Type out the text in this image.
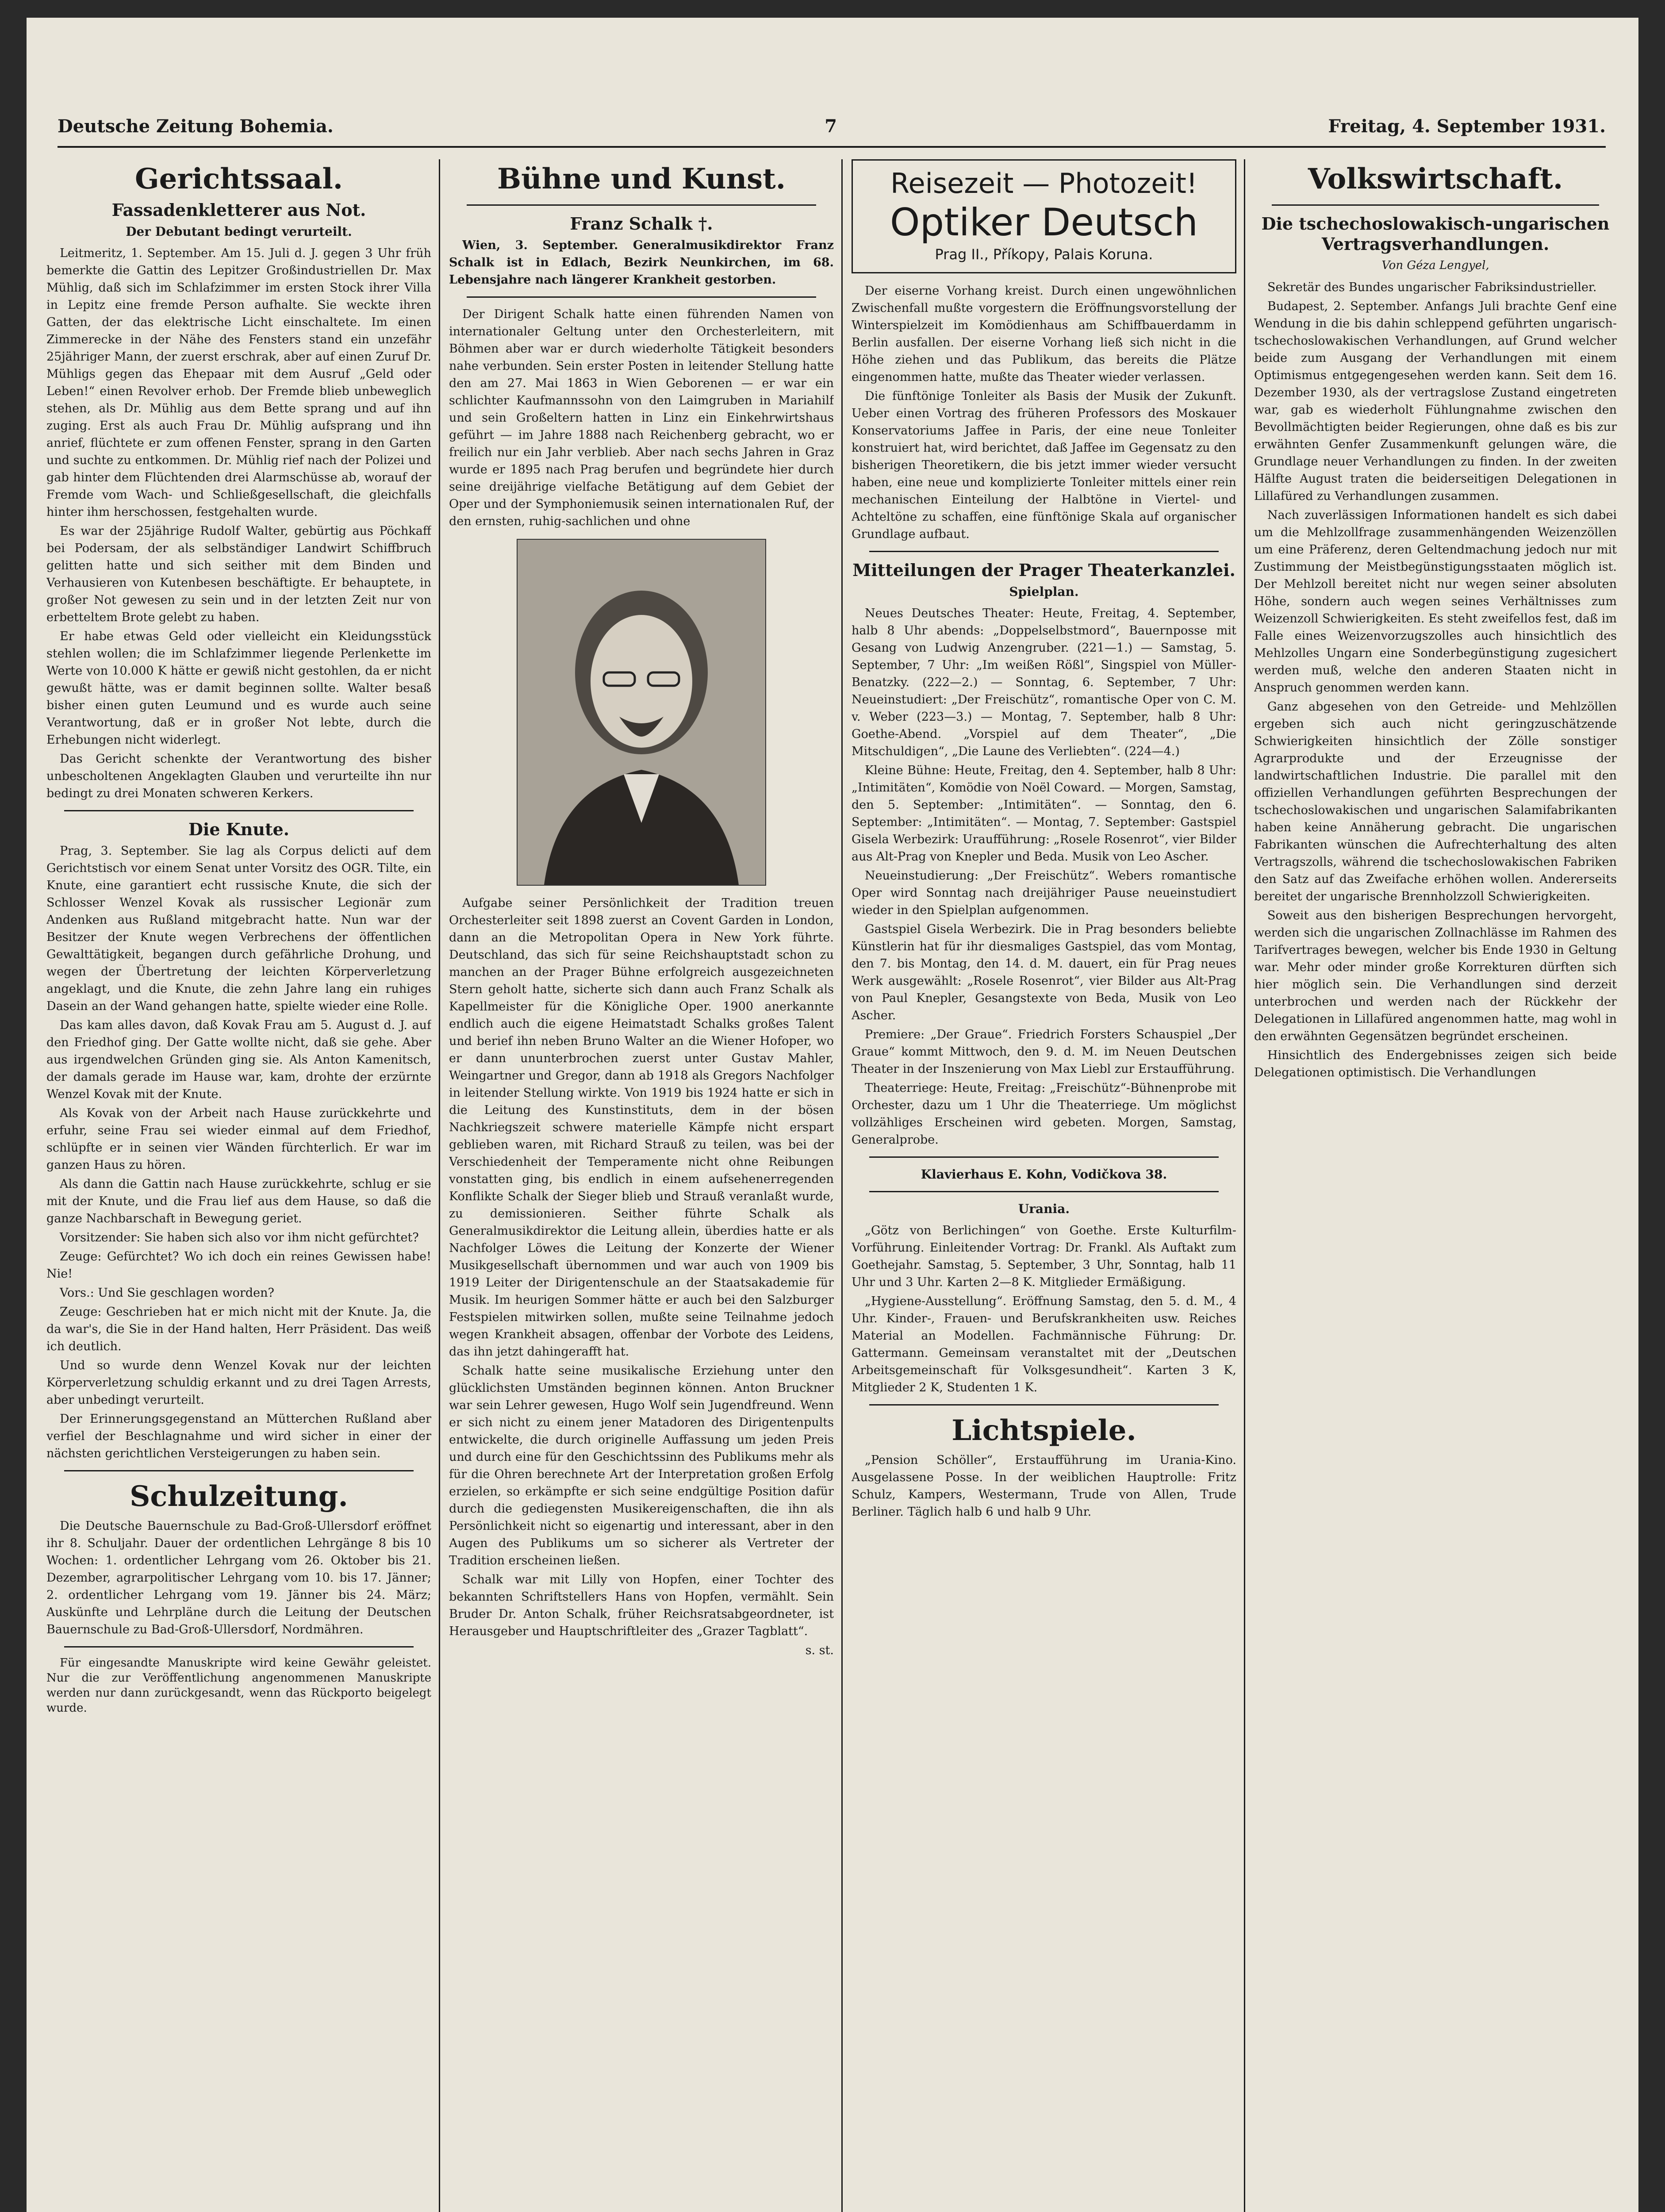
Deutsche Zeitung Bohemia.	7	Freitag, 4. September 1931.
Gerichtssaal.
Fassadenkletterer aus Not.
Der Debutant bedingt verurteilt.

Leitmeritz, 1. September. Am 15. Juli d. J. gegen 3 Uhr früh bemerkte die Gattin des Lepitzer Großindustriellen Dr. Max Mühlig, daß sich im Schlafzimmer im ersten Stock ihrer Villa in Lepitz eine fremde Person aufhalte. Sie weckte ihren Gatten, der das elektrische Licht einschaltete. Im einen Zimmerecke in der Nähe des Fensters stand ein unzefähr 25jähriger Mann, der zuerst erschrak, aber auf einen Zuruf Dr. Mühligs gegen das Ehepaar mit dem Ausruf „Geld oder Leben!“ einen Revolver erhob. Der Fremde blieb unbeweglich stehen, als Dr. Mühlig aus dem Bette sprang und auf ihn zuging. Erst als auch Frau Dr. Mühlig aufsprang und ihn anrief, flüchtete er zum offenen Fenster, sprang in den Garten und suchte zu entkommen. Dr. Mühlig rief nach der Polizei und gab hinter dem Flüchtenden drei Alarmschüsse ab, worauf der Fremde vom Wach- und Schließgesellschaft, die gleichfalls hinter ihm herschossen, festgehalten wurde.

Es war der 25jährige Rudolf Walter, gebürtig aus Pöchkaff bei Podersam, der als selbständiger Landwirt Schiffbruch gelitten hatte und sich seither mit dem Binden und Verhausieren von Kutenbesen beschäftigte. Er behauptete, in großer Not gewesen zu sein und in der letzten Zeit nur von erbetteltem Brote gelebt zu haben.

Er habe etwas Geld oder vielleicht ein Kleidungsstück stehlen wollen; die im Schlafzimmer liegende Perlenkette im Werte von 10.000 K hätte er gewiß nicht gestohlen, da er nicht gewußt hätte, was er damit beginnen sollte. Walter besaß bisher einen guten Leumund und es wurde auch seine Verantwortung, daß er in großer Not lebte, durch die Erhebungen nicht widerlegt.

Das Gericht schenkte der Verantwortung des bisher unbescholtenen Angeklagten Glauben und verurteilte ihn nur bedingt zu drei Monaten schweren Kerkers.

Die Knute.

Prag, 3. September. Sie lag als Corpus delicti auf dem Gerichtstisch vor einem Senat unter Vorsitz des OGR. Tilte, ein Knute, eine garantiert echt russische Knute, die sich der Schlosser Wenzel Kovak als russischer Legionär zum Andenken aus Rußland mitgebracht hatte. Nun war der Besitzer der Knute wegen Verbrechens der öffentlichen Gewalttätigkeit, begangen durch gefährliche Drohung, und wegen der Übertretung der leichten Körperverletzung angeklagt, und die Knute, die zehn Jahre lang ein ruhiges Dasein an der Wand gehangen hatte, spielte wieder eine Rolle.

Das kam alles davon, daß Kovak Frau am 5. August d. J. auf den Friedhof ging. Der Gatte wollte nicht, daß sie gehe. Aber aus irgendwelchen Gründen ging sie. Als Anton Kamenitsch, der damals gerade im Hause war, kam, drohte der erzürnte Wenzel Kovak mit der Knute.

Als Kovak von der Arbeit nach Hause zurückkehrte und erfuhr, seine Frau sei wieder einmal auf dem Friedhof, schlüpfte er in seinen vier Wänden fürchterlich. Er war im ganzen Haus zu hören.

Als dann die Gattin nach Hause zurückkehrte, schlug er sie mit der Knute, und die Frau lief aus dem Hause, so daß die ganze Nachbarschaft in Bewegung geriet.

Vorsitzender: Sie haben sich also vor ihm nicht gefürchtet?

Zeuge: Gefürchtet? Wo ich doch ein reines Gewissen habe! Nie!

Vors.: Und Sie geschlagen worden?

Zeuge: Geschrieben hat er mich nicht mit der Knute. Ja, die da war's, die Sie in der Hand halten, Herr Präsident. Das weiß ich deutlich.

Und so wurde denn Wenzel Kovak nur der leichten Körperverletzung schuldig erkannt und zu drei Tagen Arrests, aber unbedingt verurteilt.

Der Erinnerungsgegenstand an Mütterchen Rußland aber verfiel der Beschlagnahme und wird sicher in einer der nächsten gerichtlichen Versteigerungen zu haben sein.

Schulzeitung.

Die Deutsche Bauernschule zu Bad-Groß-Ullersdorf eröffnet ihr 8. Schuljahr. Dauer der ordentlichen Lehrgänge 8 bis 10 Wochen: 1. ordentlicher Lehrgang vom 26. Oktober bis 21. Dezember, agrarpolitischer Lehrgang vom 10. bis 17. Jänner; 2. ordentlicher Lehrgang vom 19. Jänner bis 24. März; Auskünfte und Lehrpläne durch die Leitung der Deutschen Bauernschule zu Bad-Groß-Ullersdorf, Nordmähren.

Für eingesandte Manuskripte wird keine Gewähr geleistet. Nur die zur Veröffentlichung angenommenen Manuskripte werden nur dann zurückgesandt, wenn das Rückporto beigelegt wurde.

Bühne und Kunst.
Franz Schalk †.

Wien, 3. September. Generalmusikdirektor Franz Schalk ist in Edlach, Bezirk Neunkirchen, im 68. Lebensjahre nach längerer Krankheit gestorben.

Der Dirigent Schalk hatte einen führenden Namen von internationaler Geltung unter den Orchesterleitern, mit Böhmen aber war er durch wiederholte Tätigkeit besonders nahe verbunden. Sein erster Posten in leitender Stellung hatte den am 27. Mai 1863 in Wien Geborenen — er war ein schlichter Kaufmannssohn von den Laimgruben in Mariahilf und sein Großeltern hatten in Linz ein Einkehrwirtshaus geführt — im Jahre 1888 nach Reichenberg gebracht, wo er freilich nur ein Jahr verblieb. Aber nach sechs Jahren in Graz wurde er 1895 nach Prag berufen und begründete hier durch seine dreijährige vielfache Betätigung auf dem Gebiet der Oper und der Symphoniemusik seinen internationalen Ruf, der den ernsten, ruhig-sachlichen und ohne

Aufgabe seiner Persönlichkeit der Tradition treuen Orchesterleiter seit 1898 zuerst an Covent Garden in London, dann an die Metropolitan Opera in New York führte. Deutschland, das sich für seine Reichshauptstadt schon zu manchen an der Prager Bühne erfolgreich ausgezeichneten Stern geholt hatte, sicherte sich dann auch Franz Schalk als Kapellmeister für die Königliche Oper. 1900 anerkannte endlich auch die eigene Heimatstadt Schalks großes Talent und berief ihn neben Bruno Walter an die Wiener Hofoper, wo er dann ununterbrochen zuerst unter Gustav Mahler, Weingartner und Gregor, dann ab 1918 als Gregors Nachfolger in leitender Stellung wirkte. Von 1919 bis 1924 hatte er sich in die Leitung des Kunstinstituts, dem in der bösen Nachkriegszeit schwere materielle Kämpfe nicht erspart geblieben waren, mit Richard Strauß zu teilen, was bei der Verschiedenheit der Temperamente nicht ohne Reibungen vonstatten ging, bis endlich in einem aufsehenerregenden Konflikte Schalk der Sieger blieb und Strauß veranlaßt wurde, zu demissionieren. Seither führte Schalk als Generalmusikdirektor die Leitung allein, überdies hatte er als Nachfolger Löwes die Leitung der Konzerte der Wiener Musikgesellschaft übernommen und war auch von 1909 bis 1919 Leiter der Dirigentenschule an der Staatsakademie für Musik. Im heurigen Sommer hätte er auch bei den Salzburger Festspielen mitwirken sollen, mußte seine Teilnahme jedoch wegen Krankheit absagen, offenbar der Vorbote des Leidens, das ihn jetzt dahingerafft hat.

Schalk hatte seine musikalische Erziehung unter den glücklichsten Umständen beginnen können. Anton Bruckner war sein Lehrer gewesen, Hugo Wolf sein Jugendfreund. Wenn er sich nicht zu einem jener Matadoren des Dirigentenpults entwickelte, die durch originelle Auffassung um jeden Preis und durch eine für den Geschichtssinn des Publikums mehr als für die Ohren berechnete Art der Interpretation großen Erfolg erzielen, so erkämpfte er sich seine endgültige Position dafür durch die gediegensten Musikereigenschaften, die ihn als Persönlichkeit nicht so eigenartig und interessant, aber in den Augen des Publikums um so sicherer als Vertreter der Tradition erscheinen ließen.

Schalk war mit Lilly von Hopfen, einer Tochter des bekannten Schriftstellers Hans von Hopfen, vermählt. Sein Bruder Dr. Anton Schalk, früher Reichsratsabgeordneter, ist Herausgeber und Hauptschriftleiter des „Grazer Tagblatt“.

s. st.
Reisezeit — Photozeit!
Optiker Deutsch
Prag II., Příkopy, Palais Koruna.

Der eiserne Vorhang kreist. Durch einen ungewöhnlichen Zwischenfall mußte vorgestern die Eröffnungsvorstellung der Winterspielzeit im Komödienhaus am Schiffbauerdamm in Berlin ausfallen. Der eiserne Vorhang ließ sich nicht in die Höhe ziehen und das Publikum, das bereits die Plätze eingenommen hatte, mußte das Theater wieder verlassen.

Die fünftönige Tonleiter als Basis der Musik der Zukunft. Ueber einen Vortrag des früheren Professors des Moskauer Konservatoriums Jaffee in Paris, der eine neue Tonleiter konstruiert hat, wird berichtet, daß Jaffee im Gegensatz zu den bisherigen Theoretikern, die bis jetzt immer wieder versucht haben, eine neue und komplizierte Tonleiter mittels einer rein mechanischen Einteilung der Halbtöne in Viertel- und Achteltöne zu schaffen, eine fünftönige Skala auf organischer Grundlage aufbaut.

Mitteilungen der Prager Theaterkanzlei.
Spielplan.

Neues Deutsches Theater: Heute, Freitag, 4. September, halb 8 Uhr abends: „Doppelselbstmord“, Bauernposse mit Gesang von Ludwig Anzengruber. (221—1.) — Samstag, 5. September, 7 Uhr: „Im weißen Rößl“, Singspiel von Müller-Benatzky. (222—2.) — Sonntag, 6. September, 7 Uhr: Neueinstudiert: „Der Freischütz“, romantische Oper von C. M. v. Weber (223—3.) — Montag, 7. September, halb 8 Uhr: Goethe-Abend. „Vorspiel auf dem Theater“, „Die Mitschuldigen“, „Die Laune des Verliebten“. (224—4.)

Kleine Bühne: Heute, Freitag, den 4. September, halb 8 Uhr: „Intimitäten“, Komödie von Noël Coward. — Morgen, Samstag, den 5. September: „Intimitäten“. — Sonntag, den 6. September: „Intimitäten“. — Montag, 7. September: Gastspiel Gisela Werbezirk: Uraufführung: „Rosele Rosenrot“, vier Bilder aus Alt-Prag von Knepler und Beda. Musik von Leo Ascher.

Neueinstudierung: „Der Freischütz“. Webers romantische Oper wird Sonntag nach dreijähriger Pause neueinstudiert wieder in den Spielplan aufgenommen.

Gastspiel Gisela Werbezirk. Die in Prag besonders beliebte Künstlerin hat für ihr diesmaliges Gastspiel, das vom Montag, den 7. bis Montag, den 14. d. M. dauert, ein für Prag neues Werk ausgewählt: „Rosele Rosenrot“, vier Bilder aus Alt-Prag von Paul Knepler, Gesangstexte von Beda, Musik von Leo Ascher.

Premiere: „Der Graue“. Friedrich Forsters Schauspiel „Der Graue“ kommt Mittwoch, den 9. d. M. im Neuen Deutschen Theater in der Inszenierung von Max Liebl zur Erstaufführung.

Theaterriege: Heute, Freitag: „Freischütz“-Bühnenprobe mit Orchester, dazu um 1 Uhr die Theaterriege. Um möglichst vollzähliges Erscheinen wird gebeten. Morgen, Samstag, Generalprobe.

Klavierhaus E. Kohn, Vodičkova 38.
Urania.

„Götz von Berlichingen“ von Goethe. Erste Kulturfilm-Vorführung. Einleitender Vortrag: Dr. Frankl. Als Auftakt zum Goethejahr. Samstag, 5. September, 3 Uhr, Sonntag, halb 11 Uhr und 3 Uhr. Karten 2—8 K. Mitglieder Ermäßigung.

„Hygiene-Ausstellung“. Eröffnung Samstag, den 5. d. M., 4 Uhr. Kinder-, Frauen- und Berufskrankheiten usw. Reiches Material an Modellen. Fachmännische Führung: Dr. Gattermann. Gemeinsam veranstaltet mit der „Deutschen Arbeitsgemeinschaft für Volksgesundheit“. Karten 3 K, Mitglieder 2 K, Studenten 1 K.

Lichtspiele.

„Pension Schöller“, Erstaufführung im Urania-Kino. Ausgelassene Posse. In der weiblichen Hauptrolle: Fritz Schulz, Kampers, Westermann, Trude von Allen, Trude Berliner. Täglich halb 6 und halb 9 Uhr.

Volkswirtschaft.
Die tschechoslowakisch-ungarischen Vertragsverhandlungen.
Von Géza Lengyel,

Sekretär des Bundes ungarischer Fabriksindustrieller.

Budapest, 2. September. Anfangs Juli brachte Genf eine Wendung in die bis dahin schleppend geführten ungarisch-tschechoslowakischen Verhandlungen, auf Grund welcher beide zum Ausgang der Verhandlungen mit einem Optimismus entgegengesehen werden kann. Seit dem 16. Dezember 1930, als der vertragslose Zustand eingetreten war, gab es wiederholt Fühlungnahme zwischen den Bevollmächtigten beider Regierungen, ohne daß es bis zur erwähnten Genfer Zusammenkunft gelungen wäre, die Grundlage neuer Verhandlungen zu finden. In der zweiten Hälfte August traten die beiderseitigen Delegationen in Lillafüred zu Verhandlungen zusammen.

Nach zuverlässigen Informationen handelt es sich dabei um die Mehlzollfrage zusammenhängenden Weizenzöllen um eine Präferenz, deren Geltendmachung jedoch nur mit Zustimmung der Meistbegünstigungsstaaten möglich ist. Der Mehlzoll bereitet nicht nur wegen seiner absoluten Höhe, sondern auch wegen seines Verhältnisses zum Weizenzoll Schwierigkeiten. Es steht zweifellos fest, daß im Falle eines Weizenvorzugszolles auch hinsichtlich des Mehlzolles Ungarn eine Sonderbegünstigung zugesichert werden muß, welche den anderen Staaten nicht in Anspruch genommen werden kann.

Ganz abgesehen von den Getreide- und Mehlzöllen ergeben sich auch nicht geringzuschätzende Schwierigkeiten hinsichtlich der Zölle sonstiger Agrarprodukte und der Erzeugnisse der landwirtschaftlichen Industrie. Die parallel mit den offiziellen Verhandlungen geführten Besprechungen der tschechoslowakischen und ungarischen Salamifabrikanten haben keine Annäherung gebracht. Die ungarischen Fabrikanten wünschen die Aufrechterhaltung des alten Vertragszolls, während die tschechoslowakischen Fabriken den Satz auf das Zweifache erhöhen wollen. Andererseits bereitet der ungarische Brennholzzoll Schwierigkeiten.

Soweit aus den bisherigen Besprechungen hervorgeht, werden sich die ungarischen Zollnachlässe im Rahmen des Tarifvertrages bewegen, welcher bis Ende 1930 in Geltung war. Mehr oder minder große Korrekturen dürften sich hier möglich sein. Die Verhandlungen sind derzeit unterbrochen und werden nach der Rückkehr der Delegationen in Lillafüred angenommen hatte, mag wohl in den erwähnten Gegensätzen begründet erscheinen.

Hinsichtlich des Endergebnisses zeigen sich beide Delegationen optimistisch. Die Verhandlungen
